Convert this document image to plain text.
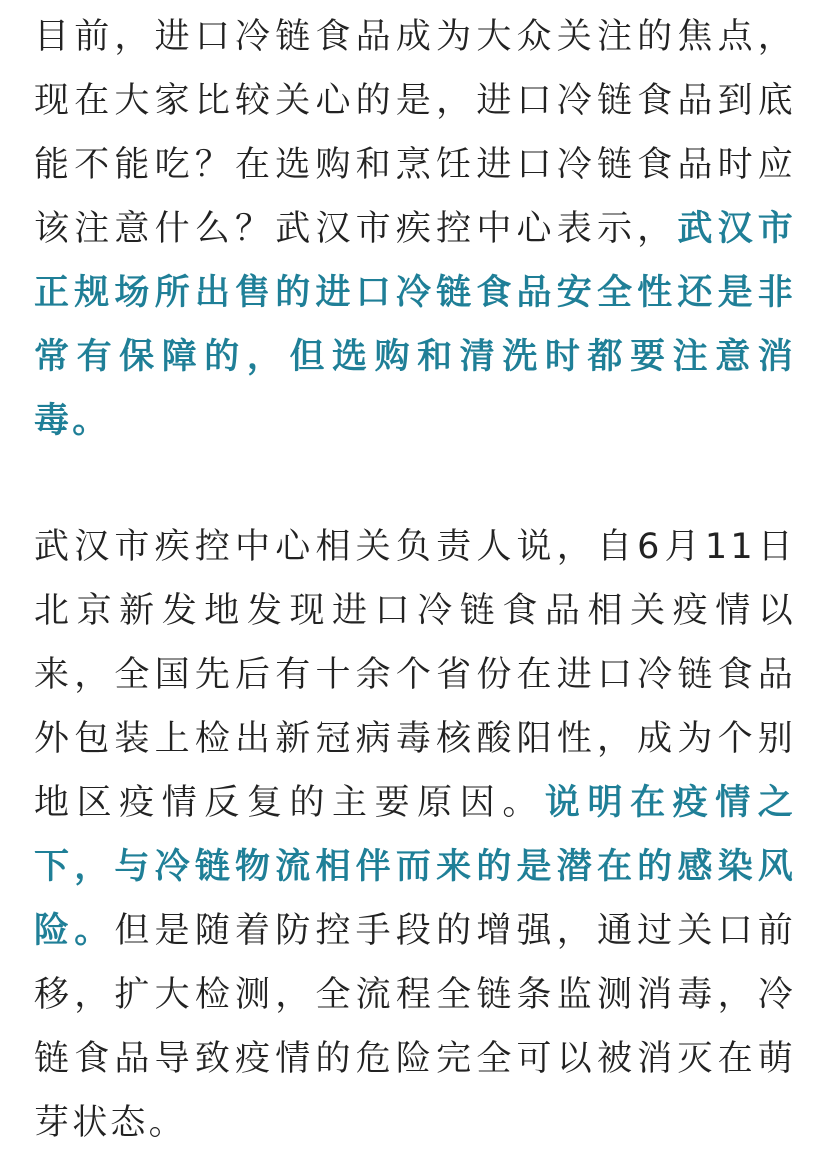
目前，进口冷链食品成为大众关注的焦点，现在大家比较关心的是，进口冷链食品到底能不能吃？在选购和烹饪进口冷链食品时应该注意什么？武汉市疾控中心表示，武汉市正规场所出售的进口冷链食品安全性还是非常有保障的，但选购和清洗时都要注意消毒。

武汉市疾控中心相关负责人说，自6月11日北京新发地发现进口冷链食品相关疫情以来，全国先后有十余个省份在进口冷链食品外包装上检出新冠病毒核酸阳性，成为个别地区疫情反复的主要原因。说明在疫情之下，与冷链物流相伴而来的是潜在的感染风险。但是随着防控手段的增强，通过关口前移，扩大检测，全流程全链条监测消毒，冷链食品导致疫情的危险完全可以被消灭在萌芽状态。
